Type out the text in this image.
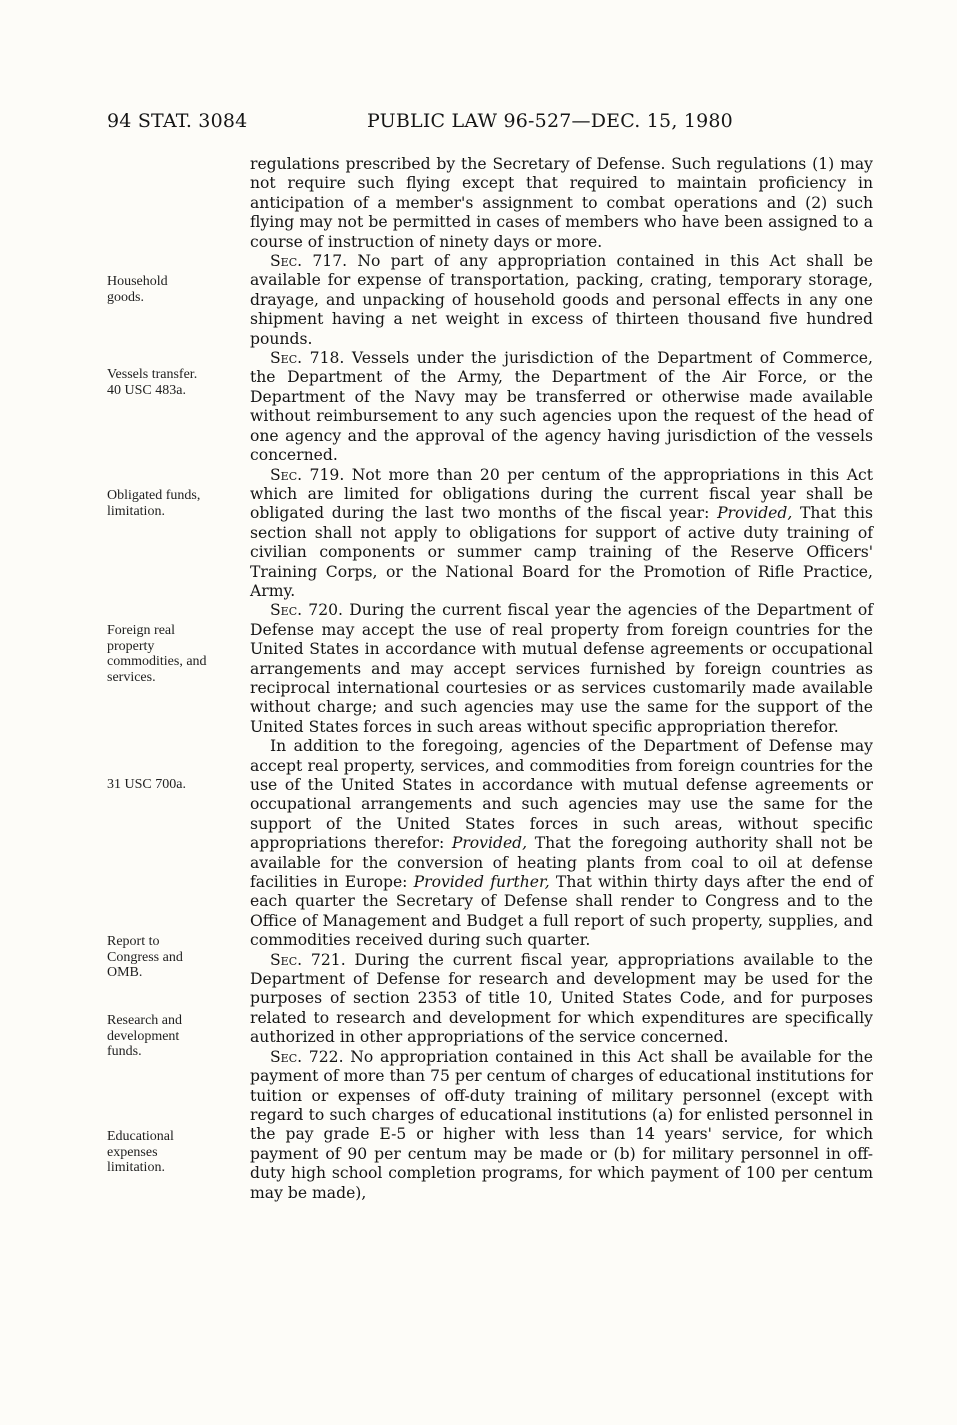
94 STAT. 3084	PUBLIC LAW 96-527—DEC. 15, 1980
Household goods.
Vessels transfer.
40 USC 483a.
Obligated funds, limitation.
Foreign real property commodities, and services.
31 USC 700a.
Report to Congress and OMB.
Research and development funds.
Educational expenses limitation.

regulations prescribed by the Secretary of Defense. Such regulations (1) may not require such flying except that required to maintain proficiency in anticipation of a member's assignment to combat operations and (2) such flying may not be permitted in cases of members who have been assigned to a course of instruction of ninety days or more.

Sec. 717. No part of any appropriation contained in this Act shall be available for expense of transportation, packing, crating, temporary storage, drayage, and unpacking of household goods and personal effects in any one shipment having a net weight in excess of thirteen thousand five hundred pounds.

Sec. 718. Vessels under the jurisdiction of the Department of Commerce, the Department of the Army, the Department of the Air Force, or the Department of the Navy may be transferred or otherwise made available without reimbursement to any such agencies upon the request of the head of one agency and the approval of the agency having jurisdiction of the vessels concerned.

Sec. 719. Not more than 20 per centum of the appropriations in this Act which are limited for obligations during the current fiscal year shall be obligated during the last two months of the fiscal year: Provided, That this section shall not apply to obligations for support of active duty training of civilian components or summer camp training of the Reserve Officers' Training Corps, or the National Board for the Promotion of Rifle Practice, Army.

Sec. 720. During the current fiscal year the agencies of the Department of Defense may accept the use of real property from foreign countries for the United States in accordance with mutual defense agreements or occupational arrangements and may accept services furnished by foreign countries as reciprocal international courtesies or as services customarily made available without charge; and such agencies may use the same for the support of the United States forces in such areas without specific appropriation therefor.

In addition to the foregoing, agencies of the Department of Defense may accept real property, services, and commodities from foreign countries for the use of the United States in accordance with mutual defense agreements or occupational arrangements and such agencies may use the same for the support of the United States forces in such areas, without specific appropriations therefor: Provided, That the foregoing authority shall not be available for the conversion of heating plants from coal to oil at defense facilities in Europe: Provided further, That within thirty days after the end of each quarter the Secretary of Defense shall render to Congress and to the Office of Management and Budget a full report of such property, supplies, and commodities received during such quarter.

Sec. 721. During the current fiscal year, appropriations available to the Department of Defense for research and development may be used for the purposes of section 2353 of title 10, United States Code, and for purposes related to research and development for which expenditures are specifically authorized in other appropriations of the service concerned.

Sec. 722. No appropriation contained in this Act shall be available for the payment of more than 75 per centum of charges of educational institutions for tuition or expenses of off-duty training of military personnel (except with regard to such charges of educational institutions (a) for enlisted personnel in the pay grade E-5 or higher with less than 14 years' service, for which payment of 90 per centum may be made or (b) for military personnel in off-duty high school completion programs, for which payment of 100 per centum may be made),
